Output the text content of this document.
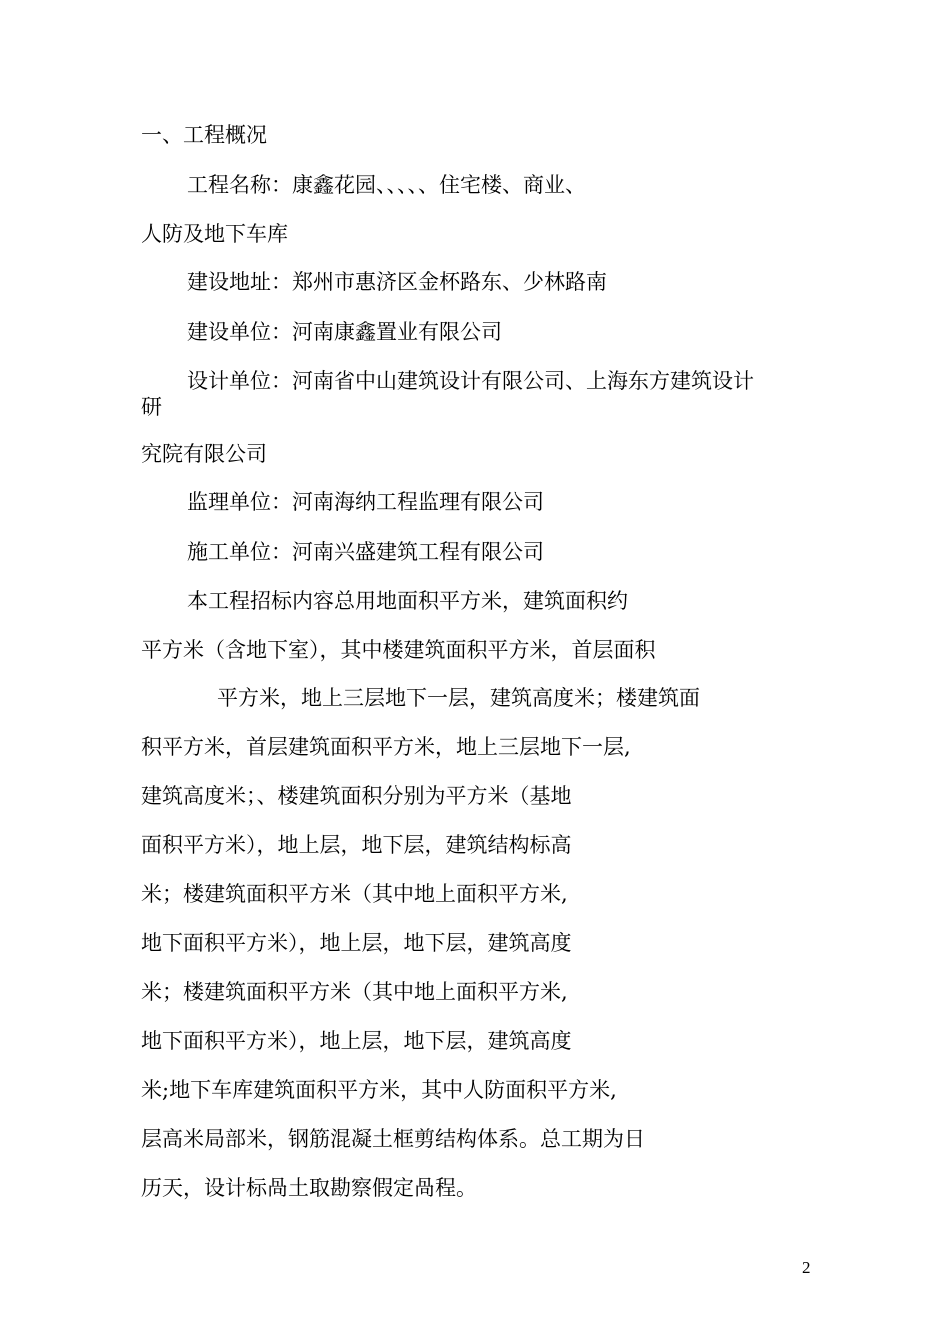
一、工程概况
工程名称：康鑫花园、、、、、住宅楼、商业、
人防及地下车库
建设地址：郑州市惠济区金杯路东、少林路南
建设单位：河南康鑫置业有限公司
设计单位：河南省中山建筑设计有限公司、上海东方建筑设计
研
究院有限公司
监理单位：河南海纳工程监理有限公司
施工单位：河南兴盛建筑工程有限公司
本工程招标内容总用地面积平方米，建筑面积约
平方米（含地下室），其中楼建筑面积平方米，首层面积
平方米，地上三层地下一层，建筑高度米；楼建筑面
积平方米，首层建筑面积平方米，地上三层地下一层,
建筑高度米；、楼建筑面积分别为平方米（基地
面积平方米），地上层，地下层，建筑结构标高
米；楼建筑面积平方米（其中地上面积平方米,
地下面积平方米），地上层，地下层，建筑高度
米；楼建筑面积平方米（其中地上面积平方米,
地下面积平方米），地上层，地下层，建筑高度
米;地下车库建筑面积平方米，其中人防面积平方米,
层高米局部米，钢筋混凝土框剪结构体系。总工期为日
历天，设计标咼土取勘察假定咼程。
2
